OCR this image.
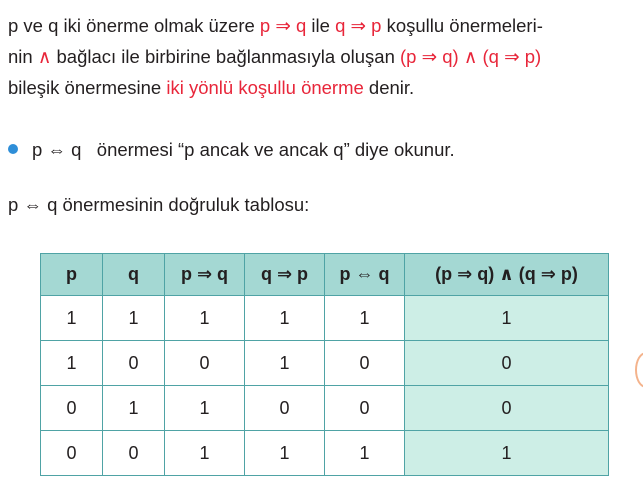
p ve q iki önerme olmak üzere p ⇒ q ile q ⇒ p koşullu önermeleri-
nin ∧ bağlacı ile birbirine bağlanmasıyla oluşan (p ⇒ q) ∧ (q ⇒ p)
bileşik önermesine iki yönlü koşullu önerme denir.
p ⇔ q önermesi “p ancak ve ancak q” diye okunur.
p ⇔ q önermesinin doğruluk tablosu:
p	q	p ⇒ q	q ⇒ p	p ⇔ q	(p ⇒ q) ∧ (q ⇒ p)
1	1	1	1	1	1
1	0	0	1	0	0
0	1	1	0	0	0
0	0	1	1	1	1
